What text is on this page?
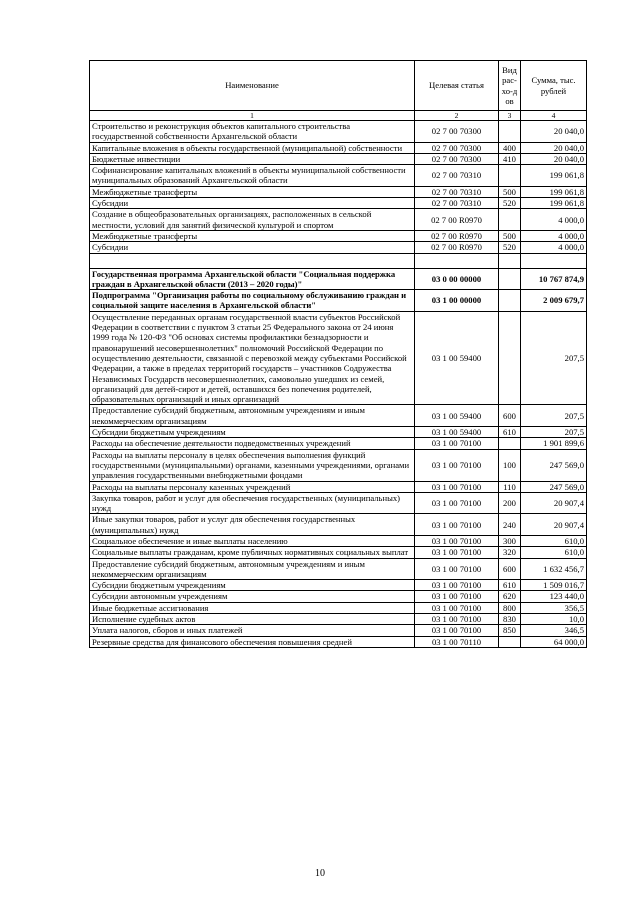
Наименование	Целевая статья	Вид рас-хо-дов	Сумма, тыс. рублей
1	2	3	4
Строительство и реконструкция объектов капитального строительства государственной собственности Архангельской области	02 7 00 70300		20 040,0
Капитальные вложения в объекты государственной (муниципальной) собственности	02 7 00 70300	400	20 040,0
Бюджетные инвестиции	02 7 00 70300	410	20 040,0
Софинансирование капитальных вложений в объекты муниципальной собственности муниципальных образований Архангельской области	02 7 00 70310		199 061,8
Межбюджетные трансферты	02 7 00 70310	500	199 061,8
Субсидии	02 7 00 70310	520	199 061,8
Создание в общеобразовательных организациях, расположенных в сельской местности, условий для занятий физической культурой и спортом	02 7 00 R0970		4 000,0
Межбюджетные трансферты	02 7 00 R0970	500	4 000,0
Субсидии	02 7 00 R0970	520	4 000,0

Государственная программа Архангельской области "Социальная поддержка граждан в Архангельской области (2013 – 2020 годы)"	03 0 00 00000		10 767 874,9
Подпрограмма "Организация работы по социальному обслуживанию граждан и социальной защите населения в Архангельской области"	03 1 00 00000		2 009 679,7
Осуществление переданных органам государственной власти субъектов Российской Федерации в соответствии с пунктом 3 статьи 25 Федерального закона от 24 июня 1999 года № 120-ФЗ "Об основах системы профилактики безнадзорности и правонарушений несовершеннолетних" полномочий Российской Федерации по осуществлению деятельности, связанной с перевозкой между субъектами Российской Федерации, а также в пределах территорий государств – участников Содружества Независимых Государств несовершеннолетних, самовольно ушедших из семей, организаций для детей-сирот и детей, оставшихся без попечения родителей, образовательных организаций и иных организаций	03 1 00 59400		207,5
Предоставление субсидий бюджетным, автономным учреждениям и иным некоммерческим организациям	03 1 00 59400	600	207,5
Субсидии бюджетным учреждениям	03 1 00 59400	610	207,5
Расходы на обеспечение деятельности подведомственных учреждений	03 1 00 70100		1 901 899,6
Расходы на выплаты персоналу в целях обеспечения выполнения функций государственными (муниципальными) органами, казенными учреждениями, органами управления государственными внебюджетными фондами	03 1 00 70100	100	247 569,0
Расходы на выплаты персоналу казенных учреждений	03 1 00 70100	110	247 569,0
Закупка товаров, работ и услуг для обеспечения государственных (муниципальных) нужд	03 1 00 70100	200	20 907,4
Иные закупки товаров, работ и услуг для обеспечения государственных (муниципальных) нужд	03 1 00 70100	240	20 907,4
Социальное обеспечение и иные выплаты населению	03 1 00 70100	300	610,0
Социальные выплаты гражданам, кроме публичных нормативных социальных выплат	03 1 00 70100	320	610,0
Предоставление субсидий бюджетным, автономным учреждениям и иным некоммерческим организациям	03 1 00 70100	600	1 632 456,7
Субсидии бюджетным учреждениям	03 1 00 70100	610	1 509 016,7
Субсидии автономным учреждениям	03 1 00 70100	620	123 440,0
Иные бюджетные ассигнования	03 1 00 70100	800	356,5
Исполнение судебных актов	03 1 00 70100	830	10,0
Уплата налогов, сборов и иных платежей	03 1 00 70100	850	346,5
Резервные средства для финансового обеспечения повышения средней	03 1 00 70110		64 000,0
10
